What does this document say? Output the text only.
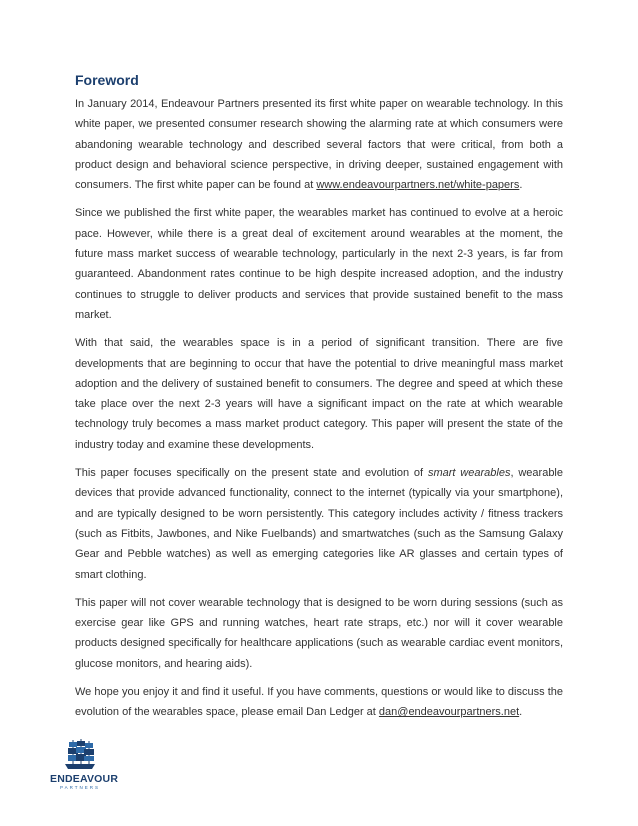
Foreword

In January 2014, Endeavour Partners presented its first white paper on wearable technology. In this white paper, we presented consumer research showing the alarming rate at which consumers were abandoning wearable technology and described several factors that were critical, from both a product design and behavioral science perspective, in driving deeper, sustained engagement with consumers. The first white paper can be found at www.endeavourpartners.net/white-papers.

Since we published the first white paper, the wearables market has continued to evolve at a heroic pace. However, while there is a great deal of excitement around wearables at the moment, the future mass market success of wearable technology, particularly in the next 2-3 years, is far from guaranteed. Abandonment rates continue to be high despite increased adoption, and the industry continues to struggle to deliver products and services that provide sustained benefit to the mass market.

With that said, the wearables space is in a period of significant transition. There are five developments that are beginning to occur that have the potential to drive meaningful mass market adoption and the delivery of sustained benefit to consumers. The degree and speed at which these take place over the next 2-3 years will have a significant impact on the rate at which wearable technology truly becomes a mass market product category. This paper will present the state of the industry today and examine these developments.

This paper focuses specifically on the present state and evolution of smart wearables, wearable devices that provide advanced functionality, connect to the internet (typically via your smartphone), and are typically designed to be worn persistently. This category includes activity / fitness trackers (such as Fitbits, Jawbones, and Nike Fuelbands) and smartwatches (such as the Samsung Galaxy Gear and Pebble watches) as well as emerging categories like AR glasses and certain types of smart clothing.

This paper will not cover wearable technology that is designed to be worn during sessions (such as exercise gear like GPS and running watches, heart rate straps, etc.) nor will it cover wearable products designed specifically for healthcare applications (such as wearable cardiac event monitors, glucose monitors, and hearing aids).

We hope you enjoy it and find it useful. If you have comments, questions or would like to discuss the evolution of the wearables space, please email Dan Ledger at dan@endeavourpartners.net.

ENDEAVOUR
PARTNERS
